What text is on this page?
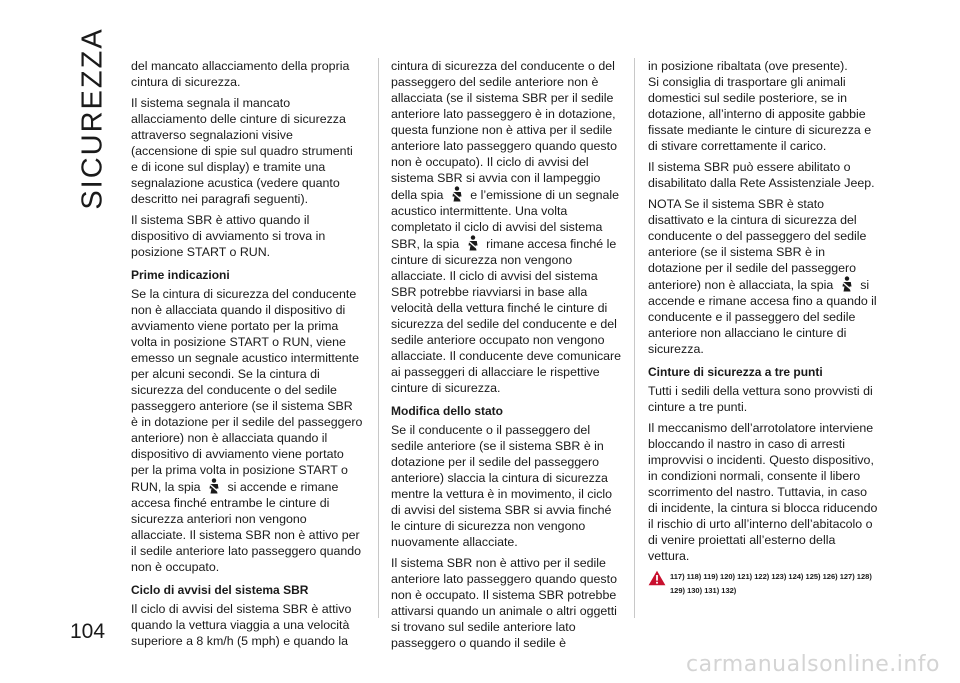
SICUREZZA del mancato allacciamento della propria cintura di sicurezza.

Il sistema segnala il mancato allacciamento delle cinture di sicurezza attraverso segnalazioni visive (accensione di spie sul quadro strumenti e di icone sul display) e tramite una segnalazione acustica (vedere quanto descritto nei paragrafi seguenti).

Il sistema SBR è attivo quando il dispositivo di avviamento si trova in posizione START o RUN.

Prime indicazioni

Se la cintura di sicurezza del conducente non è allacciata quando il dispositivo di avviamento viene portato per la prima volta in posizione START o RUN, viene emesso un segnale acustico intermittente per alcuni secondi. Se la cintura di sicurezza del conducente o del sedile passeggero anteriore (se il sistema SBR è in dotazione per il sedile del passeggero anteriore) non è allacciata quando il dispositivo di avviamento viene portato per la prima volta in posizione START o RUN, la spia si accende e rimane accesa finché entrambe le cinture di sicurezza anteriori non vengono allacciate. Il sistema SBR non è attivo per il sedile anteriore lato passeggero quando non è occupato.

Ciclo di avvisi del sistema SBR

Il ciclo di avvisi del sistema SBR è attivo quando la vettura viaggia a una velocità superiore a 8 km/h (5 mph) e quando la

cintura di sicurezza del conducente o del passeggero del sedile anteriore non è allacciata (se il sistema SBR per il sedile anteriore lato passeggero è in dotazione, questa funzione non è attiva per il sedile anteriore lato passeggero quando questo non è occupato). Il ciclo di avvisi del sistema SBR si avvia con il lampeggio della spia e l’emissione di un segnale acustico intermittente. Una volta completato il ciclo di avvisi del sistema SBR, la spia rimane accesa finché le cinture di sicurezza non vengono allacciate. Il ciclo di avvisi del sistema SBR potrebbe riavviarsi in base alla velocità della vettura finché le cinture di sicurezza del sedile del conducente e del sedile anteriore occupato non vengono allacciate. Il conducente deve comunicare ai passeggeri di allacciare le rispettive cinture di sicurezza.

Modifica dello stato

Se il conducente o il passeggero del sedile anteriore (se il sistema SBR è in dotazione per il sedile del passeggero anteriore) slaccia la cintura di sicurezza mentre la vettura è in movimento, il ciclo di avvisi del sistema SBR si avvia finché le cinture di sicurezza non vengono nuovamente allacciate.

Il sistema SBR non è attivo per il sedile anteriore lato passeggero quando questo non è occupato. Il sistema SBR potrebbe attivarsi quando un animale o altri oggetti si trovano sul sedile anteriore lato passeggero o quando il sedile è

in posizione ribaltata (ove presente).

Si consiglia di trasportare gli animali domestici sul sedile posteriore, se in dotazione, all’interno di apposite gabbie fissate mediante le cinture di sicurezza e di stivare correttamente il carico.

Il sistema SBR può essere abilitato o disabilitato dalla Rete Assistenziale Jeep.

NOTA Se il sistema SBR è stato disattivato e la cintura di sicurezza del conducente o del passeggero del sedile anteriore (se il sistema SBR è in dotazione per il sedile del passeggero anteriore) non è allacciata, la spia si accende e rimane accesa fino a quando il conducente e il passeggero del sedile anteriore non allacciano le cinture di sicurezza.

Cinture di sicurezza a tre punti

Tutti i sedili della vettura sono provvisti di cinture a tre punti.

Il meccanismo dell’arrotolatore interviene bloccando il nastro in caso di arresti improvvisi o incidenti. Questo dispositivo, in condizioni normali, consente il libero scorrimento del nastro. Tuttavia, in caso di incidente, la cintura si blocca riducendo il rischio di urto all’interno dell’abitacolo o di venire proiettati all’esterno della vettura.

117) 118) 119) 120) 121) 122) 123) 124) 125) 126) 127) 128) 129) 130) 131) 132)
104
carmanualsonline.info
